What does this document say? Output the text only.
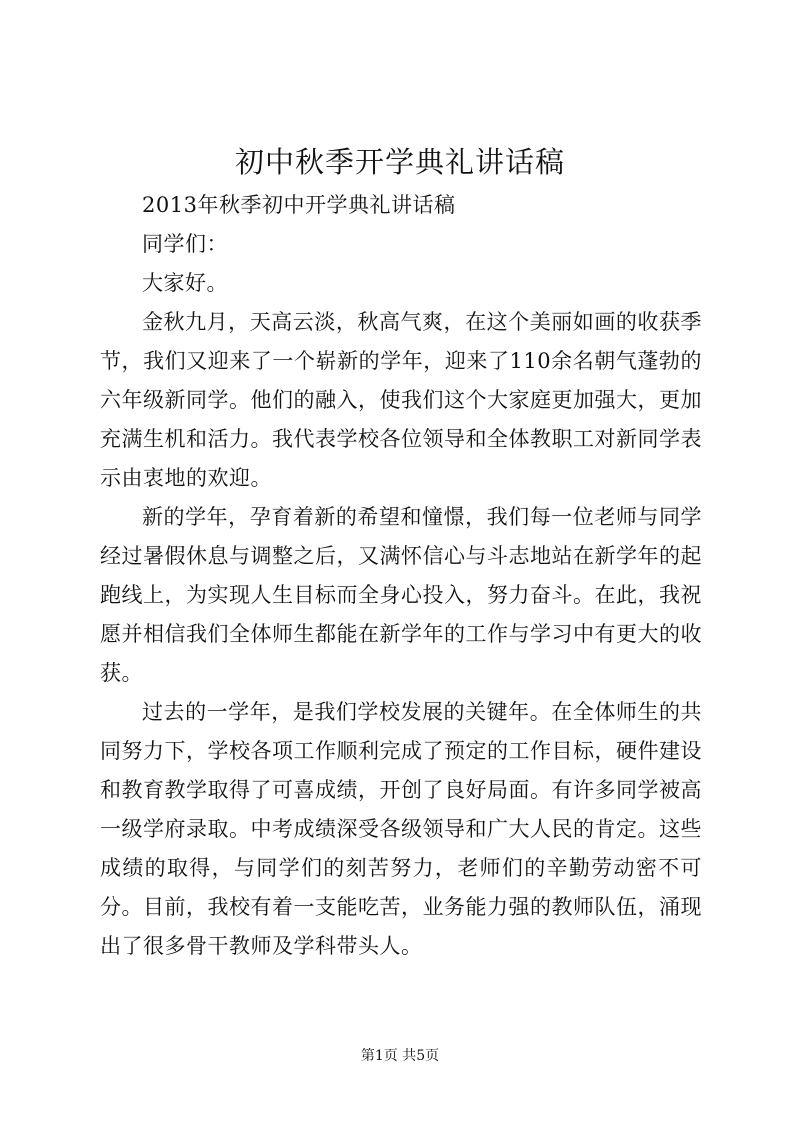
初中秋季开学典礼讲话稿

2013年秋季初中开学典礼讲话稿

同学们：

大家好。

金秋九月，天高云淡，秋高气爽，在这个美丽如画的收获季节，我们又迎来了一个崭新的学年，迎来了110余名朝气蓬勃的六年级新同学。他们的融入，使我们这个大家庭更加强大，更加充满生机和活力。我代表学校各位领导和全体教职工对新同学表示由衷地的欢迎。

新的学年，孕育着新的希望和憧憬，我们每一位老师与同学经过暑假休息与调整之后，又满怀信心与斗志地站在新学年的起跑线上，为实现人生目标而全身心投入，努力奋斗。在此，我祝愿并相信我们全体师生都能在新学年的工作与学习中有更大的收获。

过去的一学年，是我们学校发展的关键年。在全体师生的共同努力下，学校各项工作顺利完成了预定的工作目标，硬件建设和教育教学取得了可喜成绩，开创了良好局面。有许多同学被高一级学府录取。中考成绩深受各级领导和广大人民的肯定。这些成绩的取得，与同学们的刻苦努力，老师们的辛勤劳动密不可分。目前，我校有着一支能吃苦，业务能力强的教师队伍，涌现出了很多骨干教师及学科带头人。

第1页 共5页
